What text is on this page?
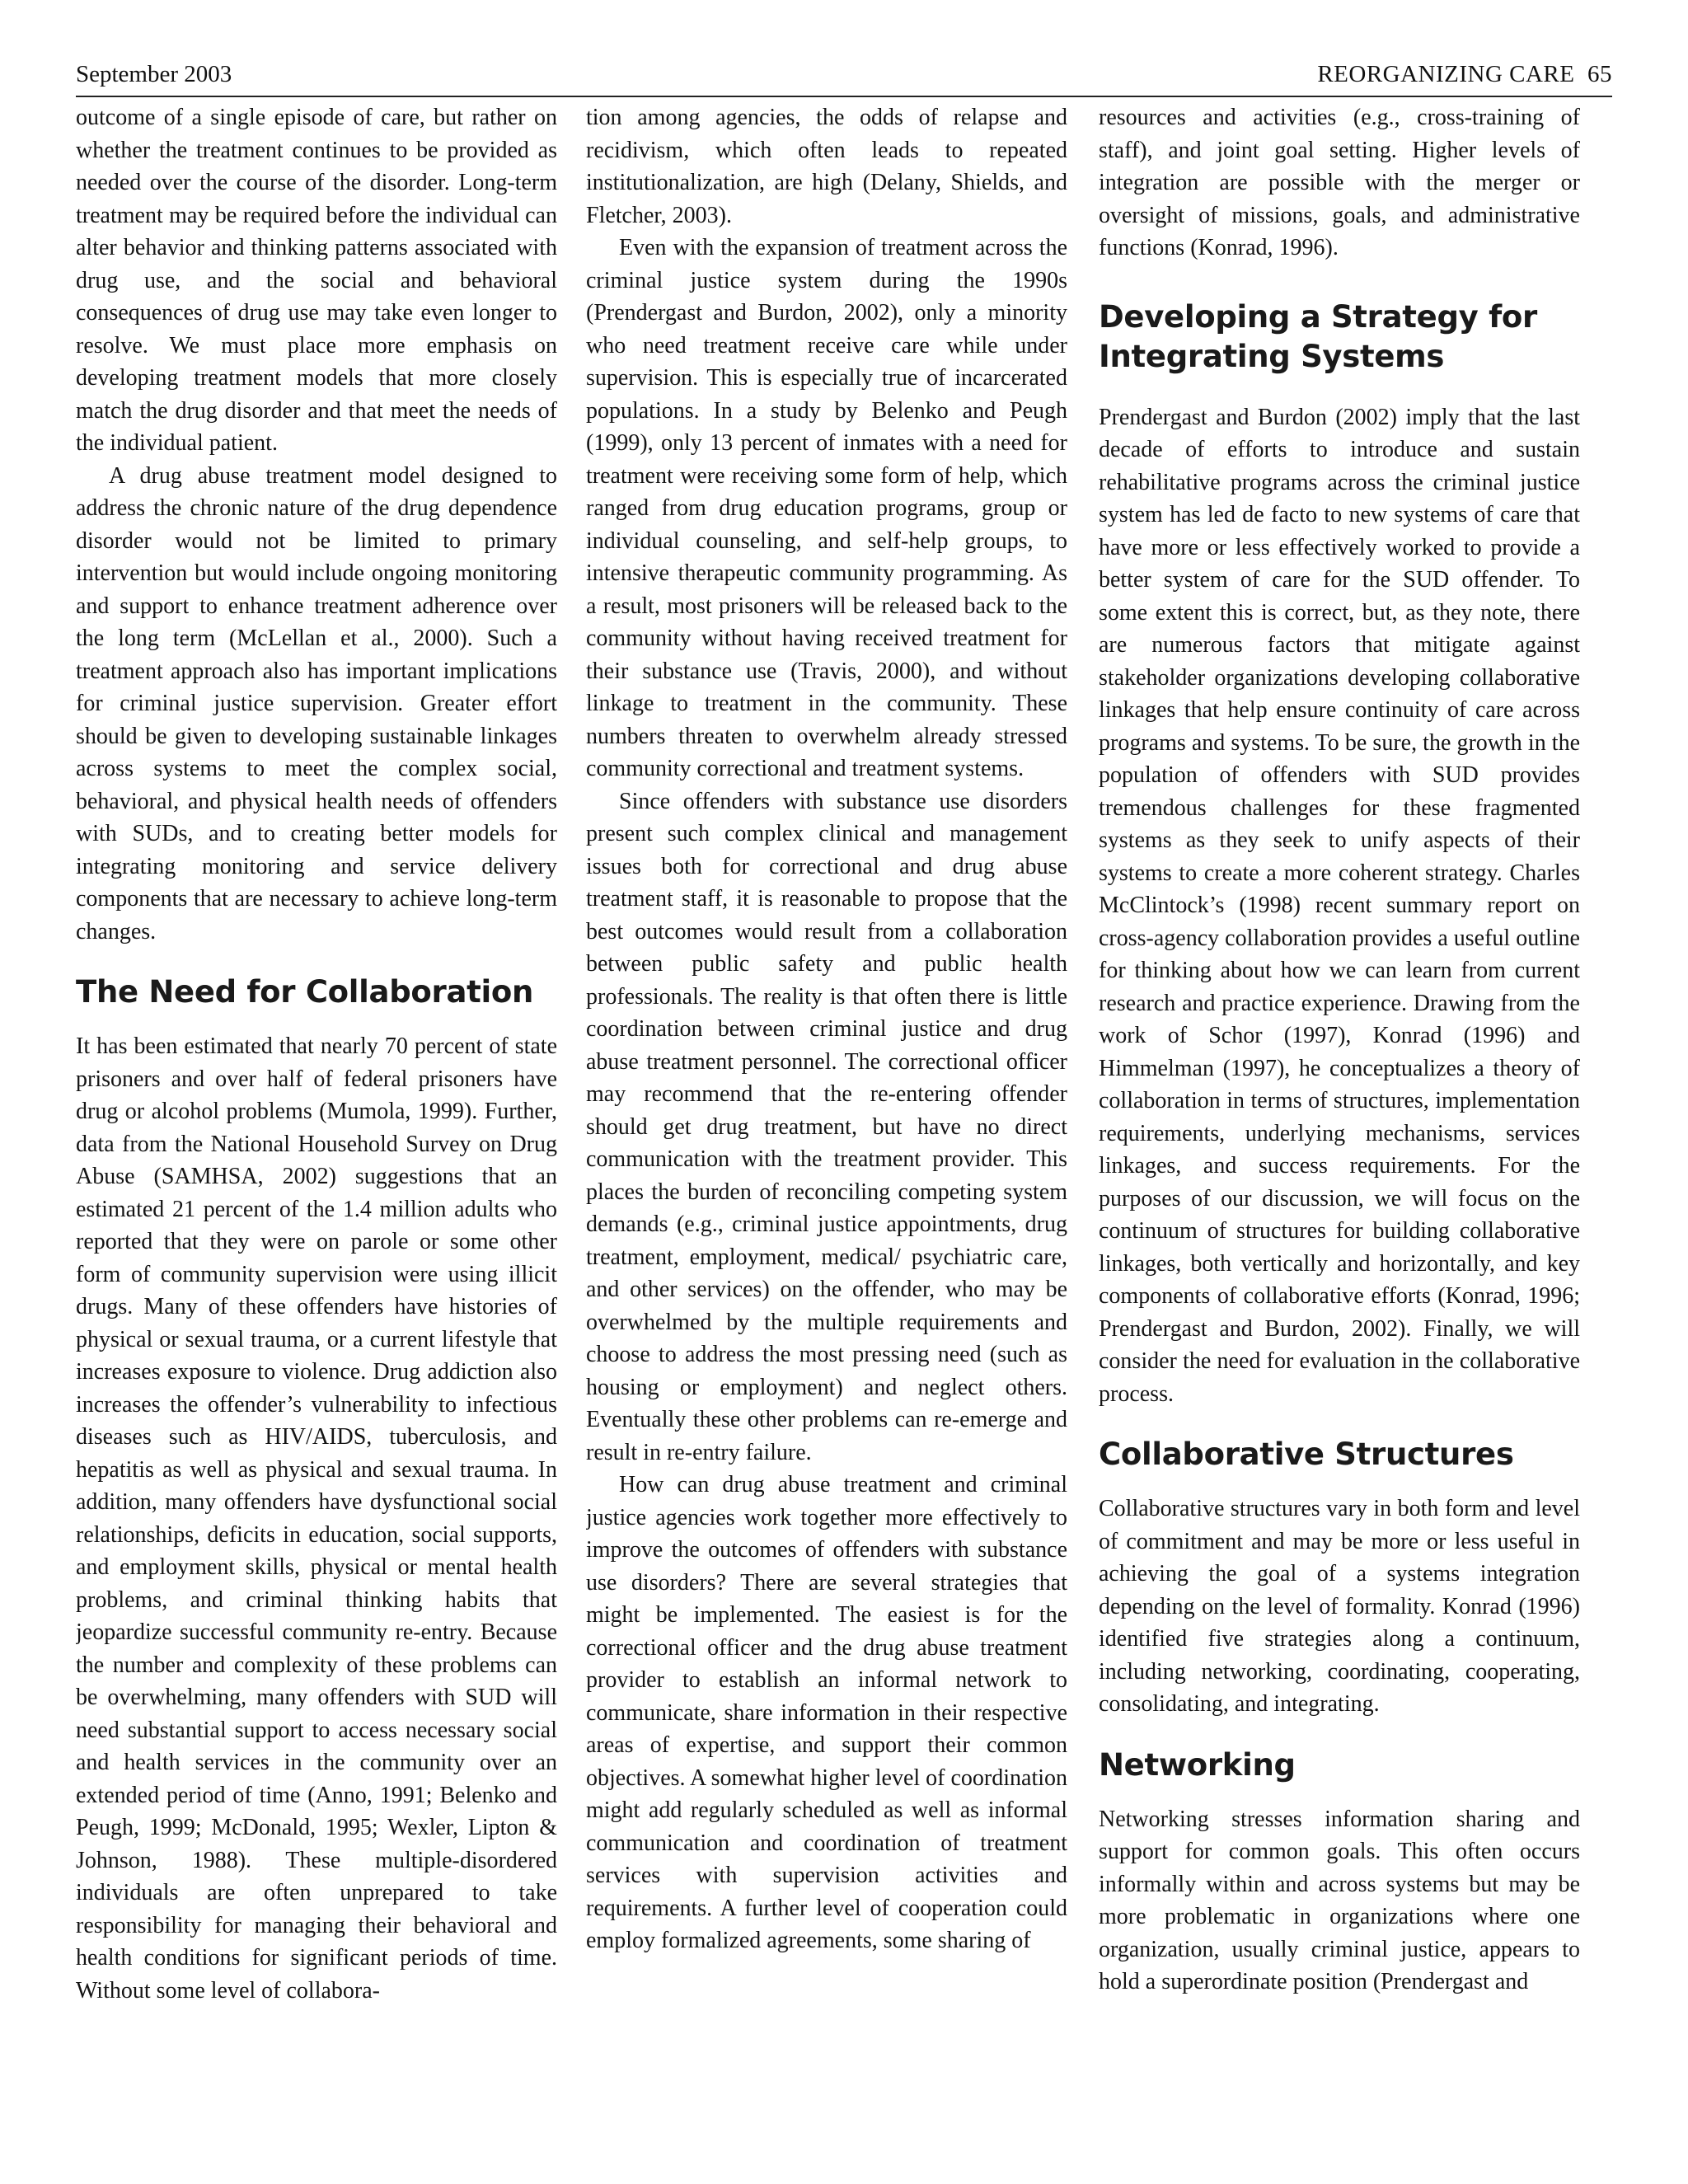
September 2003	REORGANIZING CARE 65

outcome of a single episode of care, but rather on whether the treatment continues to be provided as needed over the course of the disorder. Long-term treatment may be required before the individual can alter behavior and thinking patterns associated with drug use, and the social and behavioral consequences of drug use may take even longer to resolve. We must place more emphasis on developing treatment models that more closely match the drug disorder and that meet the needs of the individual patient.

A drug abuse treatment model designed to address the chronic nature of the drug dependence disorder would not be limited to primary intervention but would include ongoing monitoring and support to enhance treatment adherence over the long term (McLellan et al., 2000). Such a treatment approach also has important implications for criminal justice supervision. Greater effort should be given to developing sustainable linkages across systems to meet the complex social, behavioral, and physical health needs of offenders with SUDs, and to creating better models for integrating monitoring and service delivery components that are necessary to achieve long-term changes.

The Need for Collaboration

It has been estimated that nearly 70 percent of state prisoners and over half of federal prisoners have drug or alcohol problems (Mumola, 1999). Further, data from the National Household Survey on Drug Abuse (SAMHSA, 2002) suggestions that an estimated 21 percent of the 1.4 million adults who reported that they were on parole or some other form of community supervision were using illicit drugs. Many of these offenders have histories of physical or sexual trauma, or a current lifestyle that increases exposure to violence. Drug addiction also increases the offender’s vulnerability to infectious diseases such as HIV/AIDS, tuberculosis, and hepatitis as well as physical and sexual trauma. In addition, many offenders have dysfunctional social relationships, deficits in education, social supports, and employment skills, physical or mental health problems, and criminal thinking habits that jeopardize successful community re-entry. Because the number and complexity of these problems can be overwhelming, many offenders with SUD will need substantial support to access necessary social and health services in the community over an extended period of time (Anno, 1991; Belenko and Peugh, 1999; McDonald, 1995; Wexler, Lipton & Johnson, 1988). These multiple-disordered individuals are often unprepared to take responsibility for managing their behavioral and health conditions for significant periods of time. Without some level of collabora-

tion among agencies, the odds of relapse and recidivism, which often leads to repeated institutionalization, are high (Delany, Shields, and Fletcher, 2003).

Even with the expansion of treatment across the criminal justice system during the 1990s (Prendergast and Burdon, 2002), only a minority who need treatment receive care while under supervision. This is especially true of incarcerated populations. In a study by Belenko and Peugh (1999), only 13 percent of inmates with a need for treatment were receiving some form of help, which ranged from drug education programs, group or individual counseling, and self-help groups, to intensive therapeutic community programming. As a result, most prisoners will be released back to the community without having received treatment for their substance use (Travis, 2000), and without linkage to treatment in the community. These numbers threaten to overwhelm already stressed community correctional and treatment systems.

Since offenders with substance use disorders present such complex clinical and management issues both for correctional and drug abuse treatment staff, it is reasonable to propose that the best outcomes would result from a collaboration between public safety and public health professionals. The reality is that often there is little coordination between criminal justice and drug abuse treatment personnel. The correctional officer may recommend that the re-entering offender should get drug treatment, but have no direct communication with the treatment provider. This places the burden of reconciling competing system demands (e.g., criminal justice appointments, drug treatment, employment, medical/ psychiatric care, and other services) on the offender, who may be overwhelmed by the multiple requirements and choose to address the most pressing need (such as housing or employment) and neglect others. Eventually these other problems can re-emerge and result in re-entry failure.

How can drug abuse treatment and criminal justice agencies work together more effectively to improve the outcomes of offenders with substance use disorders? There are several strategies that might be implemented. The easiest is for the correctional officer and the drug abuse treatment provider to establish an informal network to communicate, share information in their respective areas of expertise, and support their common objectives. A somewhat higher level of coordination might add regularly scheduled as well as informal communication and coordination of treatment services with supervision activities and requirements. A further level of cooperation could employ formalized agreements, some sharing of

resources and activities (e.g., cross-training of staff), and joint goal setting. Higher levels of integration are possible with the merger or oversight of missions, goals, and administrative functions (Konrad, 1996).

Developing a Strategy for Integrating Systems

Prendergast and Burdon (2002) imply that the last decade of efforts to introduce and sustain rehabilitative programs across the criminal justice system has led de facto to new systems of care that have more or less effectively worked to provide a better system of care for the SUD offender. To some extent this is correct, but, as they note, there are numerous factors that mitigate against stakeholder organizations developing collaborative linkages that help ensure continuity of care across programs and systems. To be sure, the growth in the population of offenders with SUD provides tremendous challenges for these fragmented systems as they seek to unify aspects of their systems to create a more coherent strategy. Charles McClintock’s (1998) recent summary report on cross-agency collaboration provides a useful outline for thinking about how we can learn from current research and practice experience. Drawing from the work of Schor (1997), Konrad (1996) and Himmelman (1997), he conceptualizes a theory of collaboration in terms of structures, implementation requirements, underlying mechanisms, services linkages, and success requirements. For the purposes of our discussion, we will focus on the continuum of structures for building collaborative linkages, both vertically and horizontally, and key components of collaborative efforts (Konrad, 1996; Prendergast and Burdon, 2002). Finally, we will consider the need for evaluation in the collaborative process.

Collaborative Structures

Collaborative structures vary in both form and level of commitment and may be more or less useful in achieving the goal of a systems integration depending on the level of formality. Konrad (1996) identified five strategies along a continuum, including networking, coordinating, cooperating, consolidating, and integrating.

Networking

Networking stresses information sharing and support for common goals. This often occurs informally within and across systems but may be more problematic in organizations where one organization, usually criminal justice, appears to hold a superordinate position (Prendergast and
